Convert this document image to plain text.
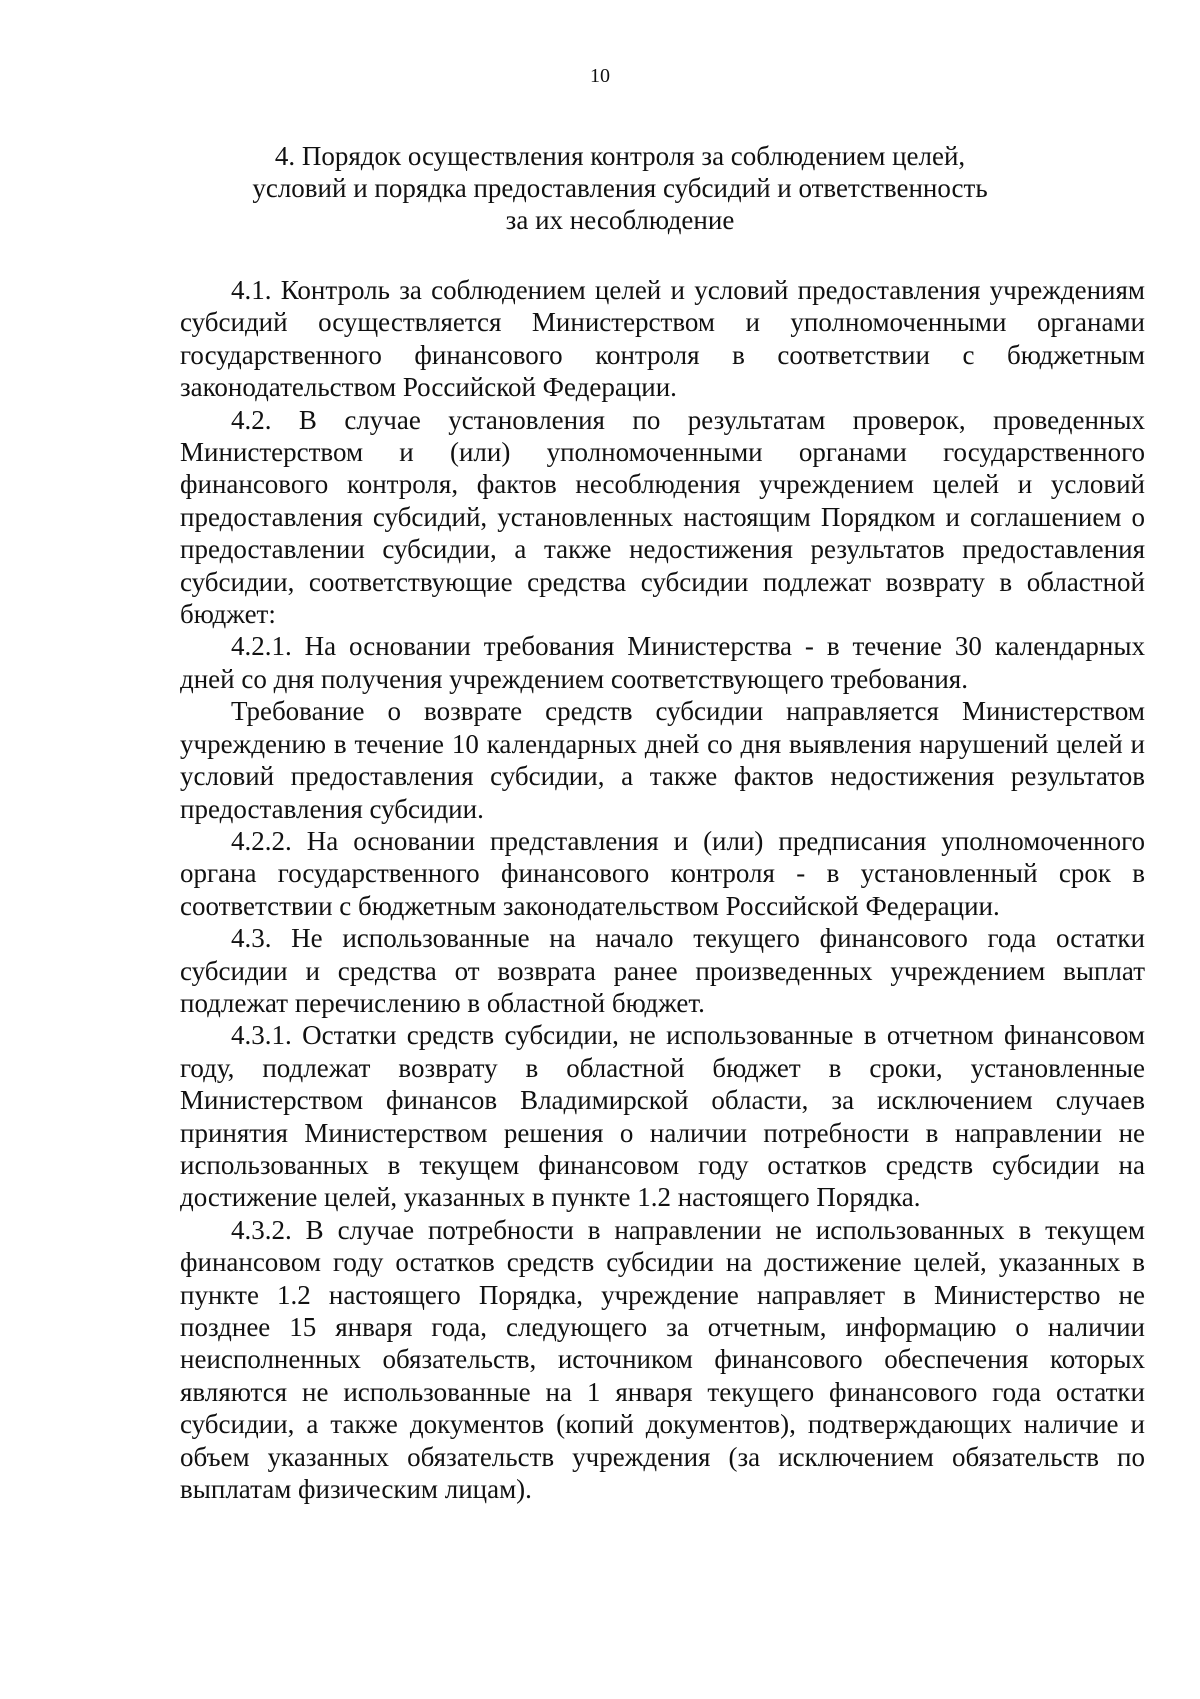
10
4. Порядок осуществления контроля за соблюдением целей,
условий и порядка предоставления субсидий и ответственность
за их несоблюдение

4.1. Контроль за соблюдением целей и условий предоставления учреждениям субсидий осуществляется Министерством и уполномоченными органами государственного финансового контроля в соответствии с бюджетным законодательством Российской Федерации.

4.2. В случае установления по результатам проверок, проведенных Министерством и (или) уполномоченными органами государственного финансового контроля, фактов несоблюдения учреждением целей и условий предоставления субсидий, установленных настоящим Порядком и соглашением о предоставлении субсидии, а также недостижения результатов предоставления субсидии, соответствующие средства субсидии подлежат возврату в областной бюджет:

4.2.1. На основании требования Министерства - в течение 30 календарных дней со дня получения учреждением соответствующего требования.

Требование о возврате средств субсидии направляется Министерством учреждению в течение 10 календарных дней со дня выявления нарушений целей и условий предоставления субсидии, а также фактов недостижения результатов предоставления субсидии.

4.2.2. На основании представления и (или) предписания уполномоченного органа государственного финансового контроля - в установленный срок в соответствии с бюджетным законодательством Российской Федерации.

4.3. Не использованные на начало текущего финансового года остатки субсидии и средства от возврата ранее произведенных учреждением выплат подлежат перечислению в областной бюджет.

4.3.1. Остатки средств субсидии, не использованные в отчетном финансовом году, подлежат возврату в областной бюджет в сроки, установленные Министерством финансов Владимирской области, за исключением случаев принятия Министерством решения о наличии потребности в направлении не использованных в текущем финансовом году остатков средств субсидии на достижение целей, указанных в пункте 1.2 настоящего Порядка.

4.3.2. В случае потребности в направлении не использованных в текущем финансовом году остатков средств субсидии на достижение целей, указанных в пункте 1.2 настоящего Порядка, учреждение направляет в Министерство не позднее 15 января года, следующего за отчетным, информацию о наличии неисполненных обязательств, источником финансового обеспечения которых являются не использованные на 1 января текущего финансового года остатки субсидии, а также документов (копий документов), подтверждающих наличие и объем указанных обязательств учреждения (за исключением обязательств по выплатам физическим лицам).
